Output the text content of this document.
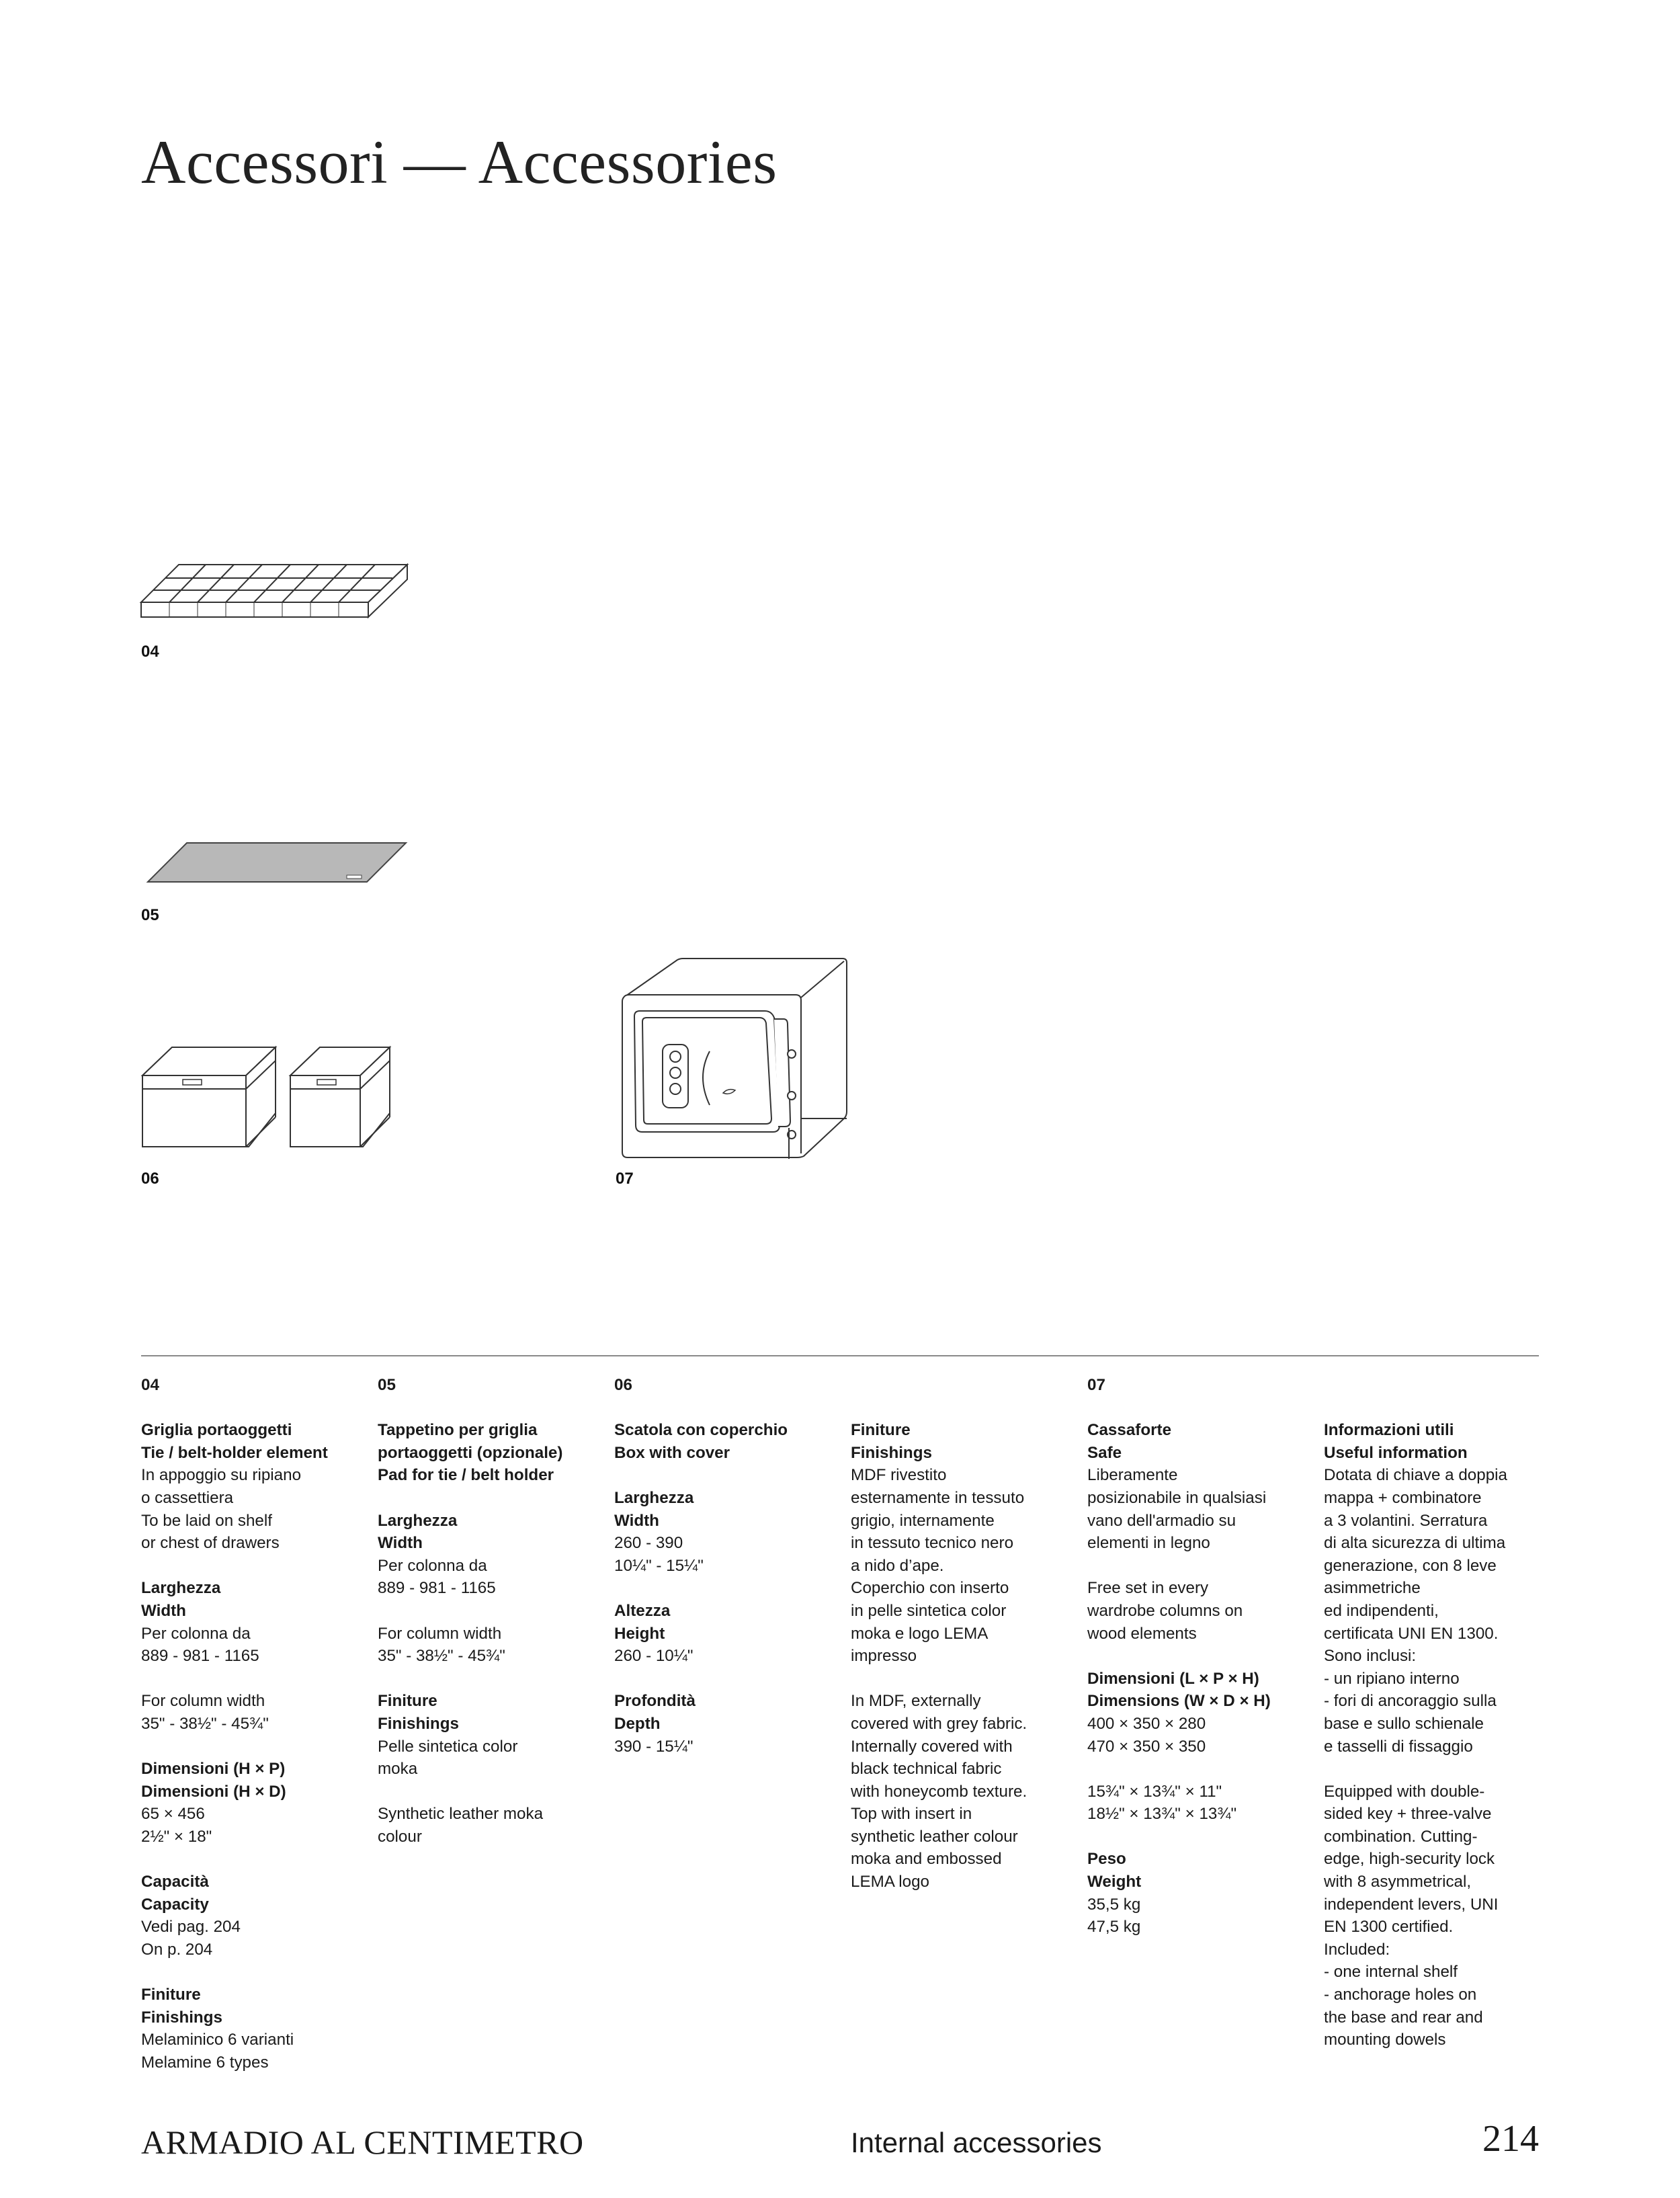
Accessori — Accessories
04
05
06	07
04
Griglia portaoggetti
Tie / belt-holder element
In appoggio su ripiano
o cassettiera
To be laid on shelf
or chest of drawers
Larghezza
Width
Per colonna da
889 - 981 - 1165
For column width
35" - 38½" - 45¾"
Dimensioni (H × P)
Dimensioni (H × D)
65 × 456
2½" × 18"
Capacità
Capacity
Vedi pag. 204
On p. 204
Finiture
Finishings
Melaminico 6 varianti
Melamine 6 types
05
Tappetino per griglia
portaoggetti (opzionale)
Pad for tie / belt holder
Larghezza
Width
Per colonna da
889 - 981 - 1165
For column width
35" - 38½" - 45¾"
Finiture
Finishings
Pelle sintetica color
moka
Synthetic leather moka
colour
06
Scatola con coperchio
Box with cover
Larghezza
Width
260 - 390
10¼" - 15¼"
Altezza
Height
260 - 10¼"
Profondità
Depth
390 - 15¼"

Finiture
Finishings
MDF rivestito
esternamente in tessuto
grigio, internamente
in tessuto tecnico nero
a nido d’ape.
Coperchio con inserto
in pelle sintetica color
moka e logo LEMA
impresso
In MDF, externally
covered with grey fabric.
Internally covered with
black technical fabric
with honeycomb texture.
Top with insert in
synthetic leather colour
moka and embossed
LEMA logo
07
Cassaforte
Safe
Liberamente
posizionabile in qualsiasi
vano dell'armadio su
elementi in legno
Free set in every
wardrobe columns on
wood elements
Dimensioni (L × P × H)
Dimensions (W × D × H)
400 × 350 × 280
470 × 350 × 350
15¾" × 13¾" × 11"
18½" × 13¾" × 13¾"
Peso
Weight
35,5 kg
47,5 kg

Informazioni utili
Useful information
Dotata di chiave a doppia
mappa + combinatore
a 3 volantini. Serratura
di alta sicurezza di ultima
generazione, con 8 leve
asimmetriche
ed indipendenti,
certificata UNI EN 1300.
Sono inclusi:
- un ripiano interno
- fori di ancoraggio sulla
base e sullo schienale
e tasselli di fissaggio
Equipped with double-
sided key + three-valve
combination. Cutting-
edge, high-security lock
with 8 asymmetrical,
independent levers, UNI
EN 1300 certified.
Included:
- one internal shelf
- anchorage holes on
the base and rear and
mounting dowels
ARMADIO AL CENTIMETRO	Internal accessories	214
